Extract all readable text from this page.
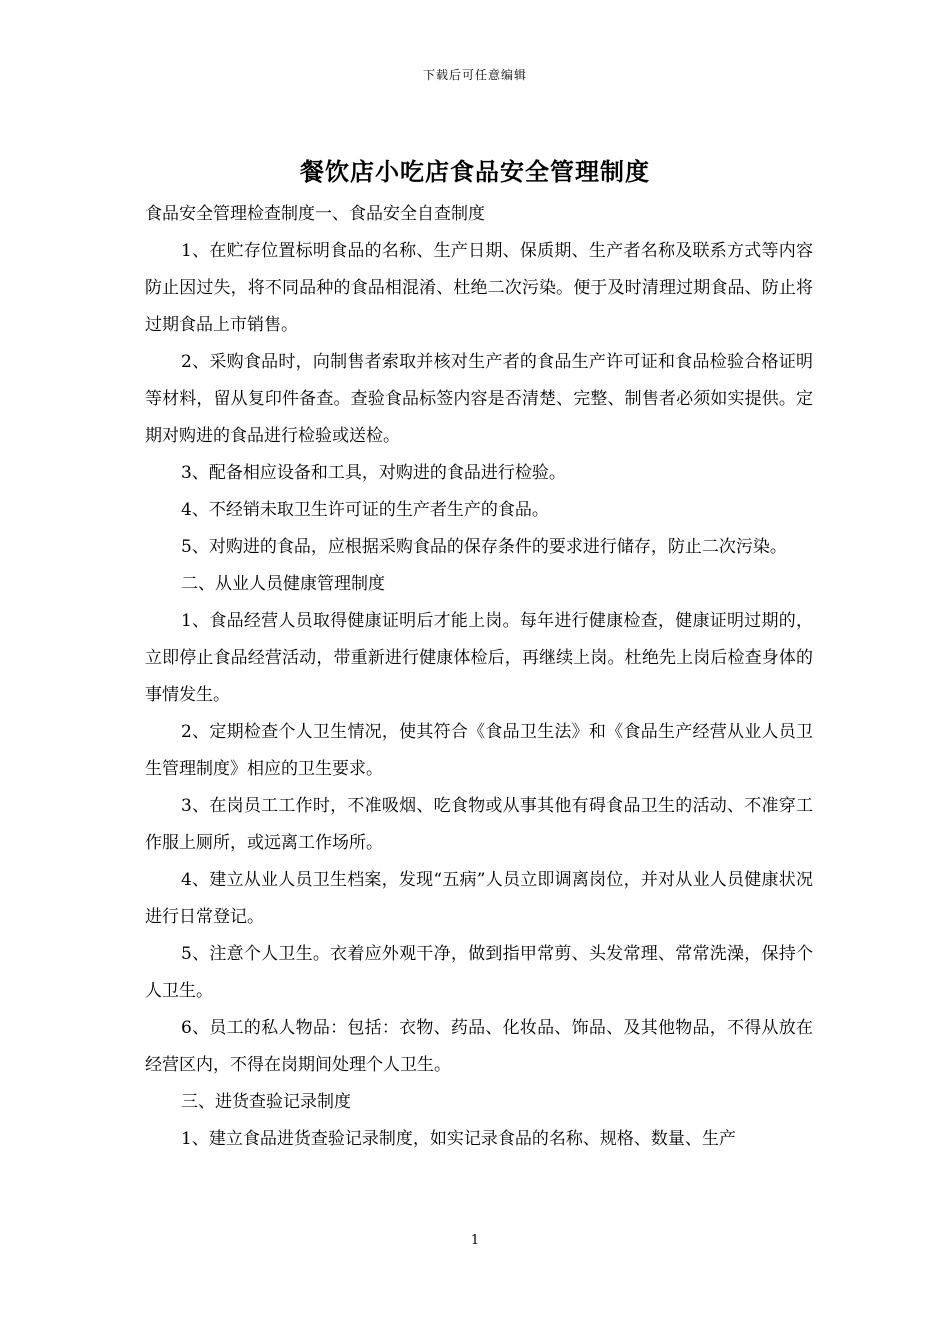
下载后可任意编辑
餐饮店小吃店食品安全管理制度

食品安全管理检查制度一、食品安全自查制度

1、在贮存位置标明食品的名称、生产日期、保质期、生产者名称及联系方式等内容防止因过失，将不同品种的食品相混淆、杜绝二次污染。便于及时清理过期食品、防止将过期食品上市销售。

2、采购食品时，向制售者索取并核对生产者的食品生产许可证和食品检验合格证明等材料，留从复印件备查。查验食品标签内容是否清楚、完整、制售者必须如实提供。定期对购进的食品进行检验或送检。

3、配备相应设备和工具，对购进的食品进行检验。

4、不经销未取卫生许可证的生产者生产的食品。

5、对购进的食品，应根据采购食品的保存条件的要求进行储存，防止二次污染。

二、从业人员健康管理制度

1、食品经营人员取得健康证明后才能上岗。每年进行健康检查，健康证明过期的，立即停止食品经营活动，带重新进行健康体检后，再继续上岗。杜绝先上岗后检查身体的事情发生。

2、定期检查个人卫生情况，使其符合《食品卫生法》和《食品生产经营从业人员卫生管理制度》相应的卫生要求。

3、在岗员工工作时，不准吸烟、吃食物或从事其他有碍食品卫生的活动、不准穿工作服上厕所，或远离工作场所。

4、建立从业人员卫生档案，发现“五病”人员立即调离岗位，并对从业人员健康状况进行日常登记。

5、注意个人卫生。衣着应外观干净，做到指甲常剪、头发常理、常常洗澡，保持个人卫生。

6、员工的私人物品：包括：衣物、药品、化妆品、饰品、及其他物品，不得从放在经营区内，不得在岗期间处理个人卫生。

三、进货查验记录制度

1、建立食品进货查验记录制度，如实记录食品的名称、规格、数量、生产

1
